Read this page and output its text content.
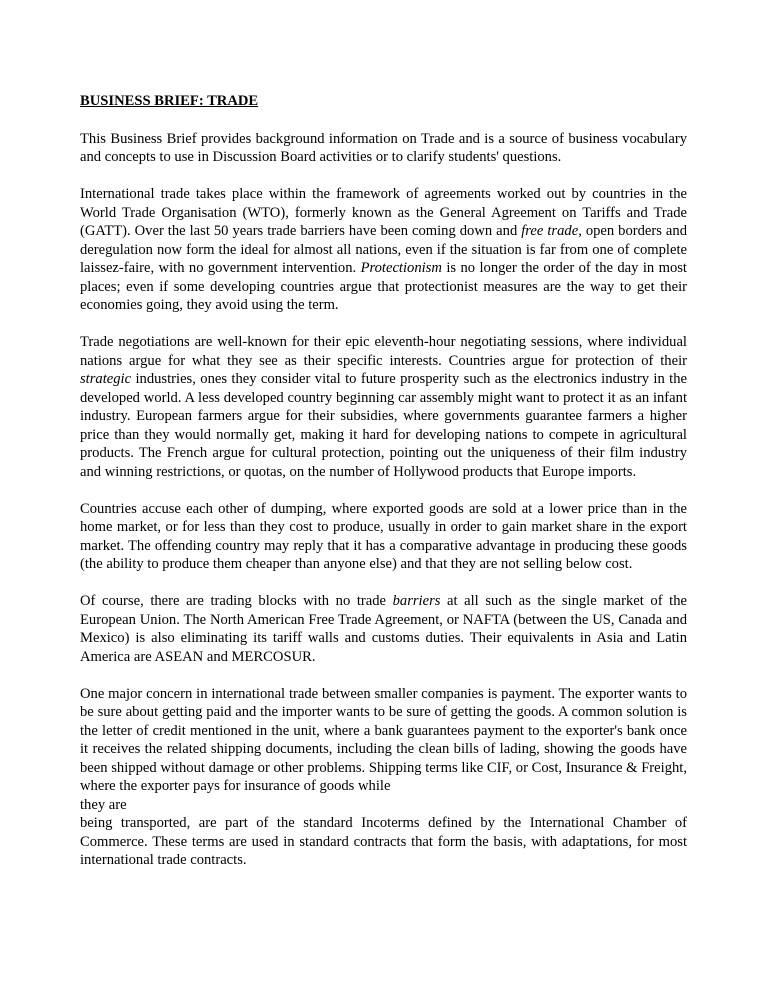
BUSINESS BRIEF: TRADE
This Business Brief provides background information on Trade and is a source of business vocabulary and concepts to use in Discussion Board activities or to clarify students' questions.
International trade takes place within the framework of agreements worked out by countries in the World Trade Organisation (WTO), formerly known as the General Agreement on Tariffs and Trade (GATT). Over the last 50 years trade barriers have been coming down and free trade, open borders and deregulation now form the ideal for almost all nations, even if the situation is far from one of complete laissez-faire, with no government intervention. Protectionism is no longer the order of the day in most places; even if some developing countries argue that protectionist measures are the way to get their economies going, they avoid using the term.
Trade negotiations are well-known for their epic eleventh-hour negotiating sessions, where individual nations argue for what they see as their specific interests. Countries argue for protection of their strategic industries, ones they consider vital to future prosperity such as the electronics industry in the developed world. A less developed country beginning car assembly might want to protect it as an infant industry. European farmers argue for their subsidies, where governments guarantee farmers a higher price than they would normally get, making it hard for developing nations to compete in agricultural products. The French argue for cultural protection, pointing out the uniqueness of their film industry and winning restrictions, or quotas, on the number of Hollywood products that Europe imports.
Countries accuse each other of dumping, where exported goods are sold at a lower price than in the home market, or for less than they cost to produce, usually in order to gain market share in the export market. The offending country may reply that it has a comparative advantage in producing these goods (the ability to produce them cheaper than anyone else) and that they are not selling below cost.
Of course, there are trading blocks with no trade barriers at all such as the single market of the European Union. The North American Free Trade Agreement, or NAFTA (between the US, Canada and Mexico) is also eliminating its tariff walls and customs duties. Their equivalents in Asia and Latin America are ASEAN and MERCOSUR.
One major concern in international trade between smaller companies is payment. The exporter wants to be sure about getting paid and the importer wants to be sure of getting the goods. A common solution is the letter of credit mentioned in the unit, where a bank guarantees payment to the exporter's bank once it receives the related shipping documents, including the clean bills of lading, showing the goods have been shipped without damage or other problems. Shipping terms like CIF, or Cost, Insurance & Freight, where the exporter pays for insurance of goods while
they are
being transported, are part of the standard Incoterms defined by the International Chamber of Commerce. These terms are used in standard contracts that form the basis, with adaptations, for most international trade contracts.
